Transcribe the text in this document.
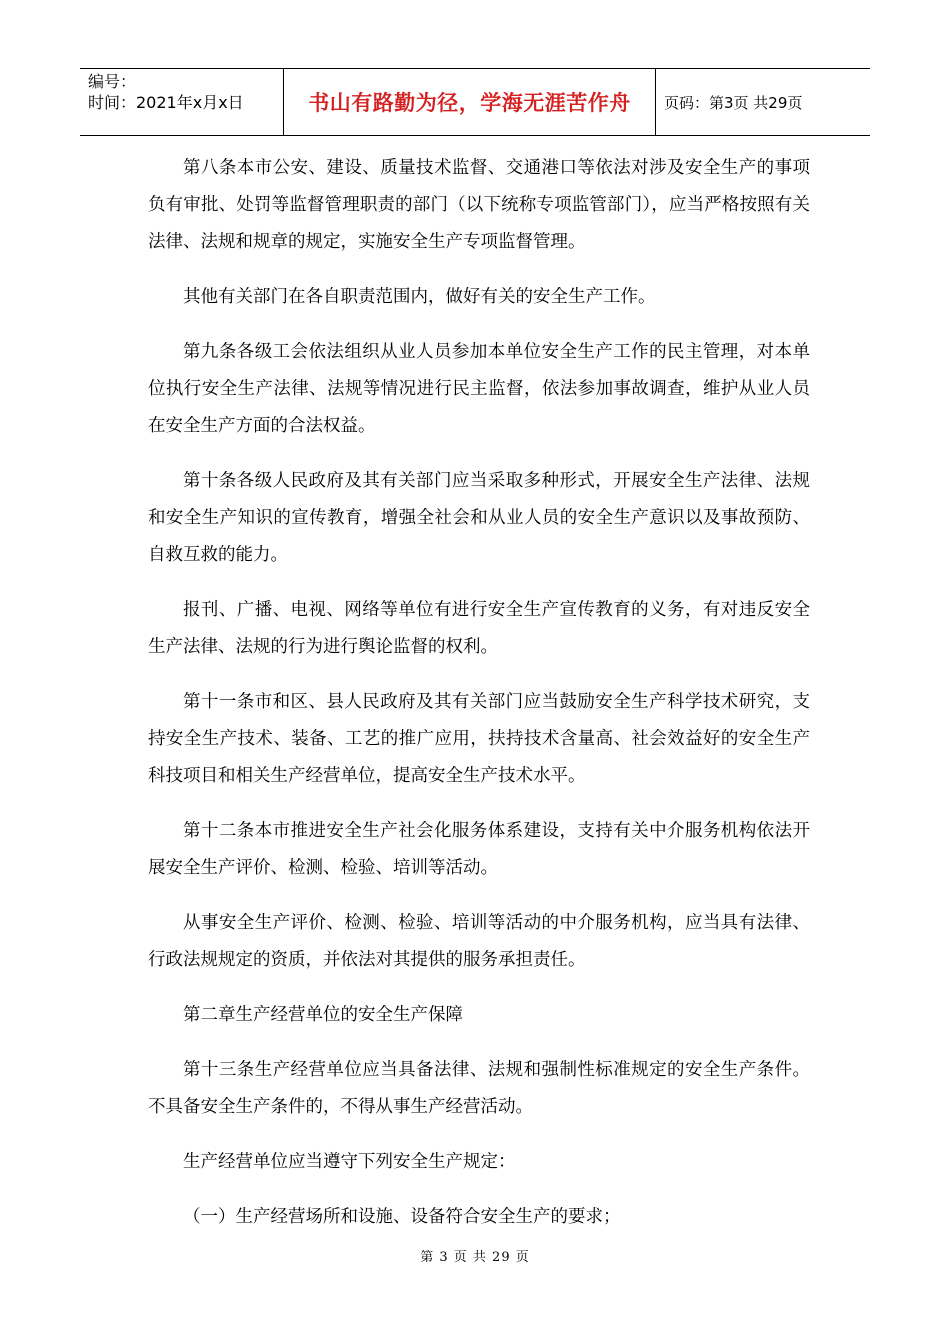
编号：
时间：2021年x月x日	书山有路勤为径，学海无涯苦作舟	页码：第3页 共29页

第八条本市公安、建设、质量技术监督、交通港口等依法对涉及安全生产的事项负有审批、处罚等监督管理职责的部门（以下统称专项监管部门），应当严格按照有关法律、法规和规章的规定，实施安全生产专项监督管理。

其他有关部门在各自职责范围内，做好有关的安全生产工作。

第九条各级工会依法组织从业人员参加本单位安全生产工作的民主管理，对本单位执行安全生产法律、法规等情况进行民主监督，依法参加事故调查，维护从业人员在安全生产方面的合法权益。

第十条各级人民政府及其有关部门应当采取多种形式，开展安全生产法律、法规和安全生产知识的宣传教育，增强全社会和从业人员的安全生产意识以及事故预防、自救互救的能力。

报刊、广播、电视、网络等单位有进行安全生产宣传教育的义务，有对违反安全生产法律、法规的行为进行舆论监督的权利。

第十一条市和区、县人民政府及其有关部门应当鼓励安全生产科学技术研究，支持安全生产技术、装备、工艺的推广应用，扶持技术含量高、社会效益好的安全生产科技项目和相关生产经营单位，提高安全生产技术水平。

第十二条本市推进安全生产社会化服务体系建设，支持有关中介服务机构依法开展安全生产评价、检测、检验、培训等活动。

从事安全生产评价、检测、检验、培训等活动的中介服务机构，应当具有法律、行政法规规定的资质，并依法对其提供的服务承担责任。

第二章生产经营单位的安全生产保障

第十三条生产经营单位应当具备法律、法规和强制性标准规定的安全生产条件。不具备安全生产条件的，不得从事生产经营活动。

生产经营单位应当遵守下列安全生产规定：

（一）生产经营场所和设施、设备符合安全生产的要求；

第 3 页 共 29 页
